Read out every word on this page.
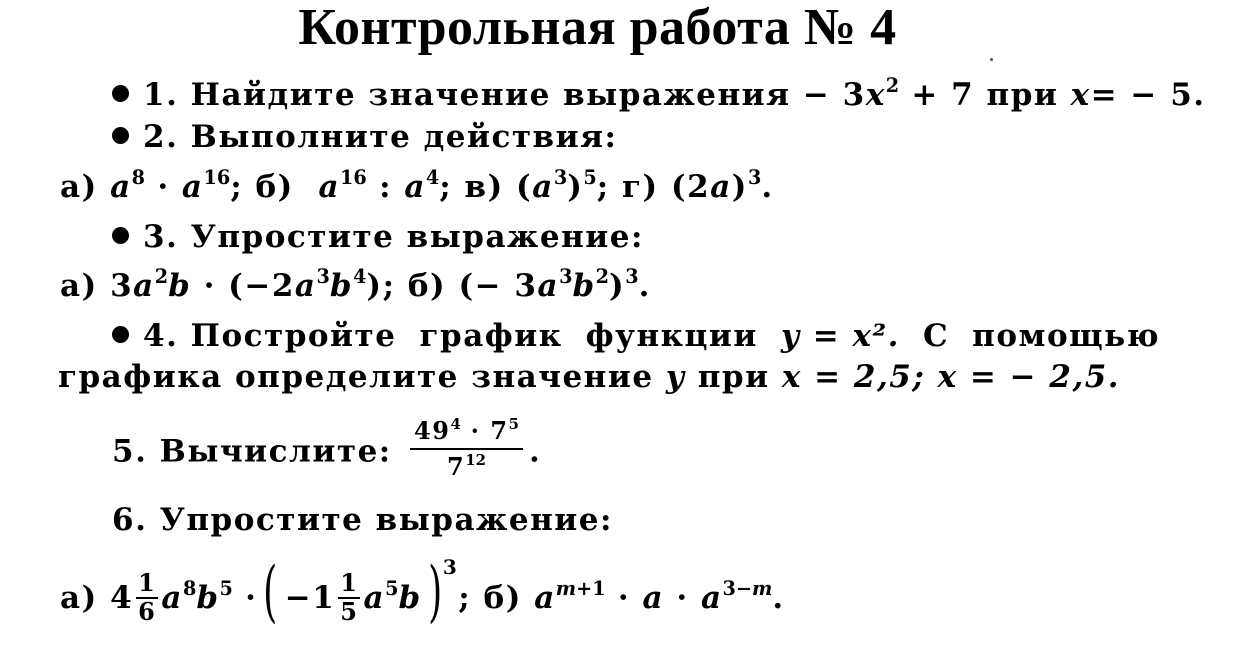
Контрольная работа № 4
1. Найдите значение выражения − $3x^2 + 7$ при x= − 5.
2. Выполните действия:
а) $a^8 \cdot a^{16}$; б) $a^{16}$ : $a^4$; в) $(a^3)^5$; г) $(2a)^3$.
3. Упростите выражение:
а) $3a^2b \cdot (-2a^3b^4)$; б) (− $3a^3b^2)^3$.
4. Постройте график функции y = x². С помощью
графика определите значение y при x = 2,5; x = − 2,5.
5. Вычислите: $\frac{49^4 \cdot 7^5}{7^{12}}$ .
6. Упростите выражение:
а) $4 \frac{1}{6} a^8b^5$ ·( $-1 \frac{1}{5} a^5b)^3$; б) $a^{m+1} \cdot a \cdot a^{3-m}$.
